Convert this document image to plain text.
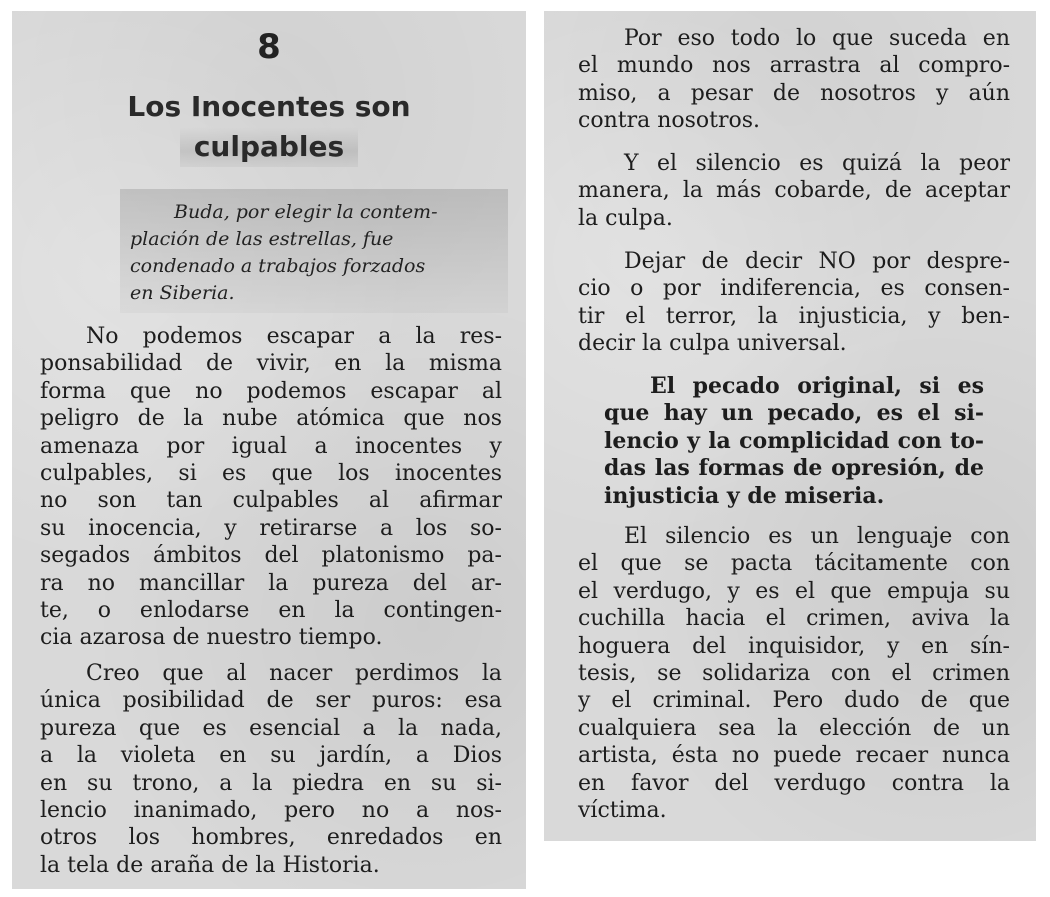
8
Los Inocentes son
culpables
Buda, por elegir la contem-
plación de las estrellas, fue
condenado a trabajos forzados
en Siberia.
No podemos escapar a la res-
ponsabilidad de vivir, en la misma
forma que no podemos escapar al
peligro de la nube atómica que nos
amenaza por igual a inocentes y
culpables, si es que los inocentes
no son tan culpables al afirmar
su inocencia, y retirarse a los so-
segados ámbitos del platonismo pa-
ra no mancillar la pureza del ar-
te, o enlodarse en la contingen-
cia azarosa de nuestro tiempo.
Creo que al nacer perdimos la
única posibilidad de ser puros: esa
pureza que es esencial a la nada,
a la violeta en su jardín, a Dios
en su trono, a la piedra en su si-
lencio inanimado, pero no a nos-
otros los hombres, enredados en
la tela de araña de la Historia.
Por eso todo lo que suceda en
el mundo nos arrastra al compro-
miso, a pesar de nosotros y aún
contra nosotros.
Y el silencio es quizá la peor
manera, la más cobarde, de aceptar
la culpa.
Dejar de decir NO por despre-
cio o por indiferencia, es consen-
tir el terror, la injusticia, y ben-
decir la culpa universal.
El pecado original, si es
que hay un pecado, es el si-
lencio y la complicidad con to-
das las formas de opresión, de
injusticia y de miseria.
El silencio es un lenguaje con
el que se pacta tácitamente con
el verdugo, y es el que empuja su
cuchilla hacia el crimen, aviva la
hoguera del inquisidor, y en sín-
tesis, se solidariza con el crimen
y el criminal. Pero dudo de que
cualquiera sea la elección de un
artista, ésta no puede recaer nunca
en favor del verdugo contra la
víctima.
